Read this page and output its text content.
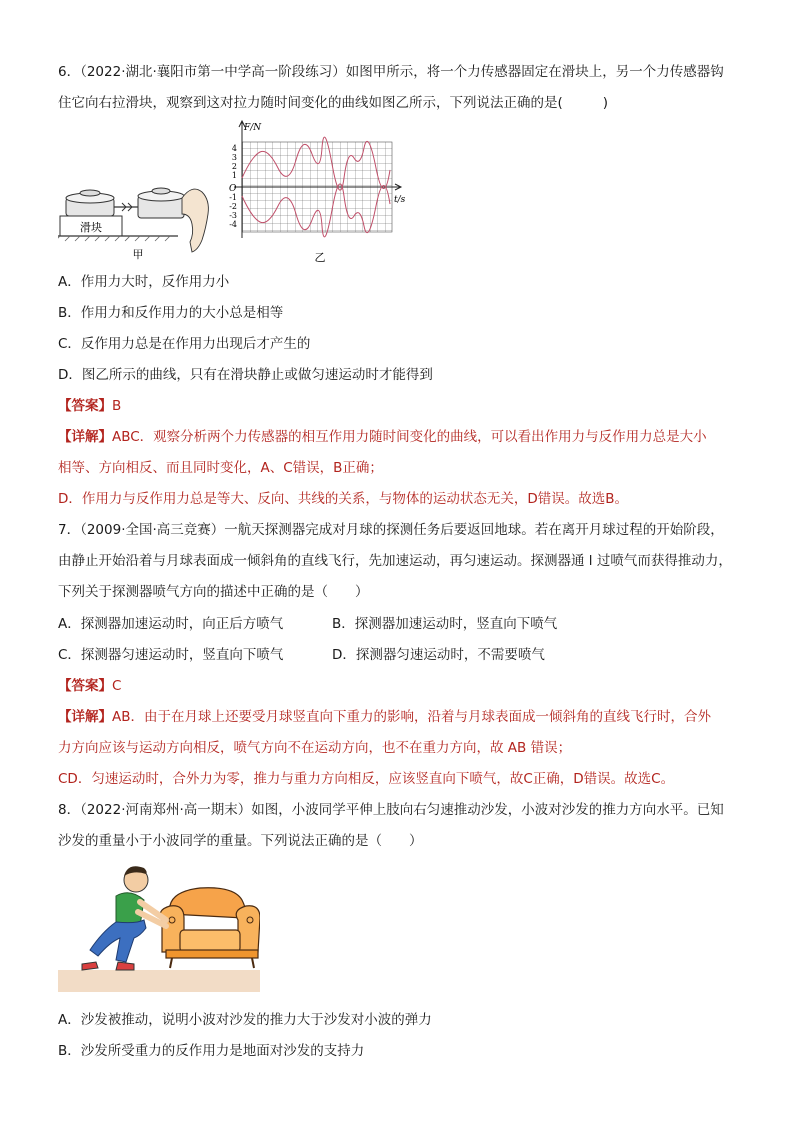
6．（2022·湖北·襄阳市第一中学高一阶段练习）如图甲所示，将一个力传感器固定在滑块上，另一个力传感器钩
住它向右拉滑块，观察到这对拉力随时间变化的曲线如图乙所示，下列说法正确的是(	)
滑块
甲
F/N
t/s
O
4
3
2
1
-1
-2
-3
-4
乙
A．作用力大时，反作用力小
B．作用力和反作用力的大小总是相等
C．反作用力总是在作用力出现后才产生的
D．图乙所示的曲线，只有在滑块静止或做匀速运动时才能得到
【答案】B
【详解】ABC．观察分析两个力传感器的相互作用力随时间变化的曲线，可以看出作用力与反作用力总是大小
相等、方向相反、而且同时变化，A、C错误，B正确；
D．作用力与反作用力总是等大、反向、共线的关系，与物体的运动状态无关，D错误。故选B。
7．（2009·全国·高三竞赛）一航天探测器完成对月球的探测任务后要返回地球。若在离开月球过程的开始阶段，
由静止开始沿着与月球表面成一倾斜角的直线飞行，先加速运动，再匀速运动。探测器通 l 过喷气而获得推动力，
下列关于探测器喷气方向的描述中正确的是（　　）
A．探测器加速运动时，向正后方喷气	B．探测器加速运动时，竖直向下喷气
C．探测器匀速运动时，竖直向下喷气	D．探测器匀速运动时，不需要喷气
【答案】C
【详解】AB．由于在月球上还要受月球竖直向下重力的影响，沿着与月球表面成一倾斜角的直线飞行时，合外
力方向应该与运动方向相反，喷气方向不在运动方向，也不在重力方向，故 AB 错误；
CD．匀速运动时，合外力为零，推力与重力方向相反，应该竖直向下喷气，故C正确，D错误。故选C。
8．（2022·河南郑州·高一期末）如图，小波同学平伸上肢向右匀速推动沙发，小波对沙发的推力方向水平。已知
沙发的重量小于小波同学的重量。下列说法正确的是（　　）
A．沙发被推动，说明小波对沙发的推力大于沙发对小波的弹力
B．沙发所受重力的反作用力是地面对沙发的支持力
